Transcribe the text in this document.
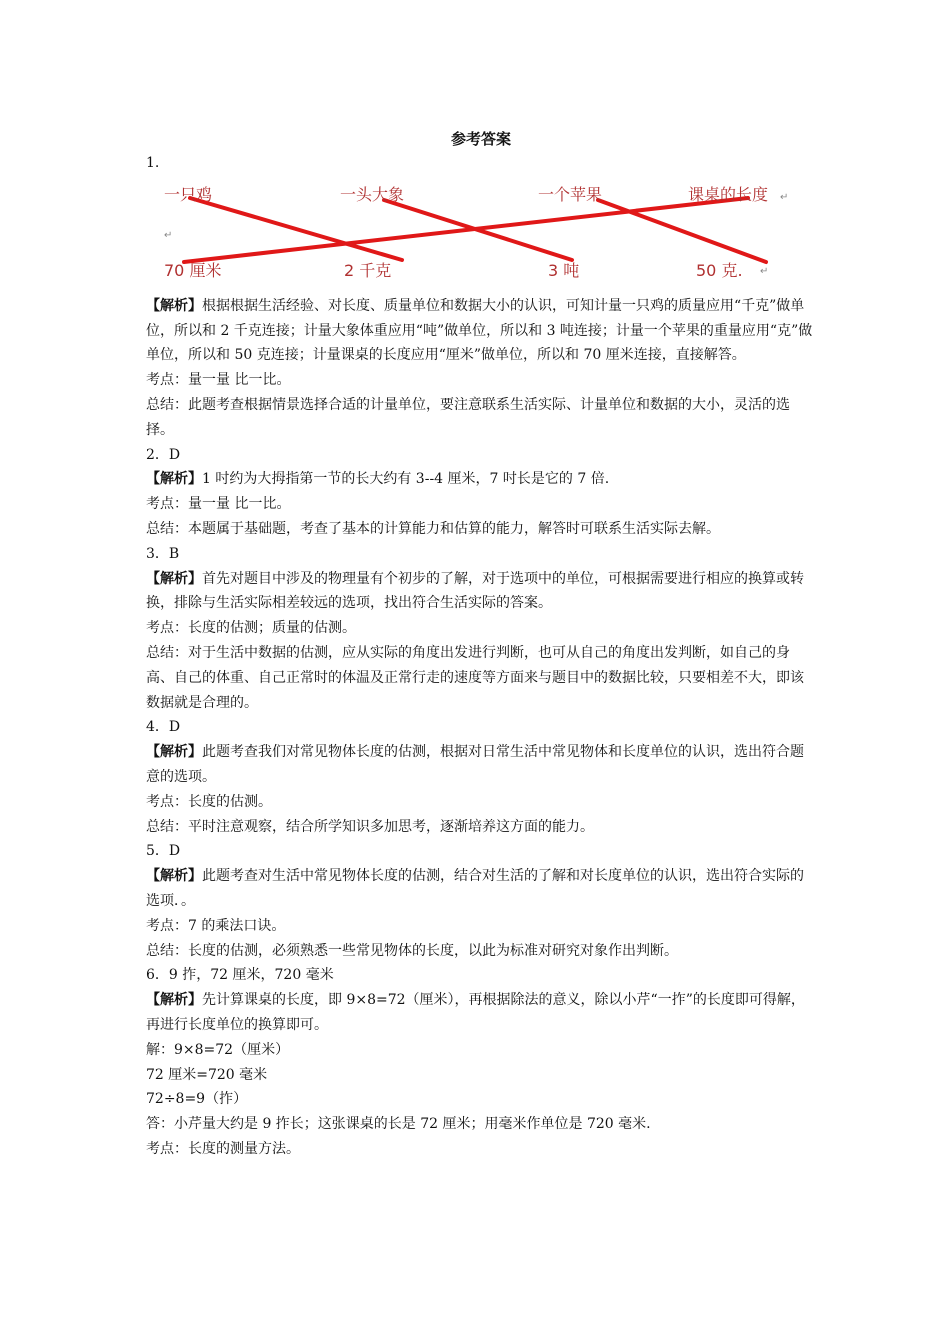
参考答案

1.

一只鸡	一头大象	一个苹果	课桌的长度 ↵
↵
70 厘米	2 千克	3 吨	50 克. ↵

【解析】根据根据生活经验、对长度、质量单位和数据大小的认识，可知计量一只鸡的质量应用“千克”做单位，所以和 2 千克连接；计量大象体重应用“吨”做单位，所以和 3 吨连接；计量一个苹果的重量应用“克”做单位，所以和 50 克连接；计量课桌的长度应用“厘米”做单位，所以和 70 厘米连接，直接解答。

考点：量一量 比一比。

总结：此题考查根据情景选择合适的计量单位，要注意联系生活实际、计量单位和数据的大小，灵活的选择。

2．D

【解析】1 吋约为大拇指第一节的长大约有 3--4 厘米，7 吋长是它的 7 倍.

考点：量一量 比一比。

总结：本题属于基础题，考查了基本的计算能力和估算的能力，解答时可联系生活实际去解。

3．B

【解析】首先对题目中涉及的物理量有个初步的了解，对于选项中的单位，可根据需要进行相应的换算或转换，排除与生活实际相差较远的选项，找出符合生活实际的答案。

考点：长度的估测；质量的估测。

总结：对于生活中数据的估测，应从实际的角度出发进行判断，也可从自己的角度出发判断，如自己的身高、自己的体重、自己正常时的体温及正常行走的速度等方面来与题目中的数据比较，只要相差不大，即该数据就是合理的。

4．D

【解析】此题考查我们对常见物体长度的估测，根据对日常生活中常见物体和长度单位的认识，选出符合题意的选项。

考点：长度的估测。

总结：平时注意观察，结合所学知识多加思考，逐渐培养这方面的能力。

5．D

【解析】此题考查对生活中常见物体长度的估测，结合对生活的了解和对长度单位的认识，选出符合实际的选项．。

考点：7 的乘法口诀。

总结：长度的估测，必须熟悉一些常见物体的长度，以此为标准对研究对象作出判断。

6．9 拃，72 厘米，720 毫米

【解析】先计算课桌的长度，即 9×8=72（厘米），再根据除法的意义，除以小芹“一拃”的长度即可得解，再进行长度单位的换算即可。

解：9×8=72（厘米）

72 厘米=720 毫米

72÷8=9（拃）

答：小芹量大约是 9 拃长；这张课桌的长是 72 厘米；用毫米作单位是 720 毫米.

考点：长度的测量方法。
